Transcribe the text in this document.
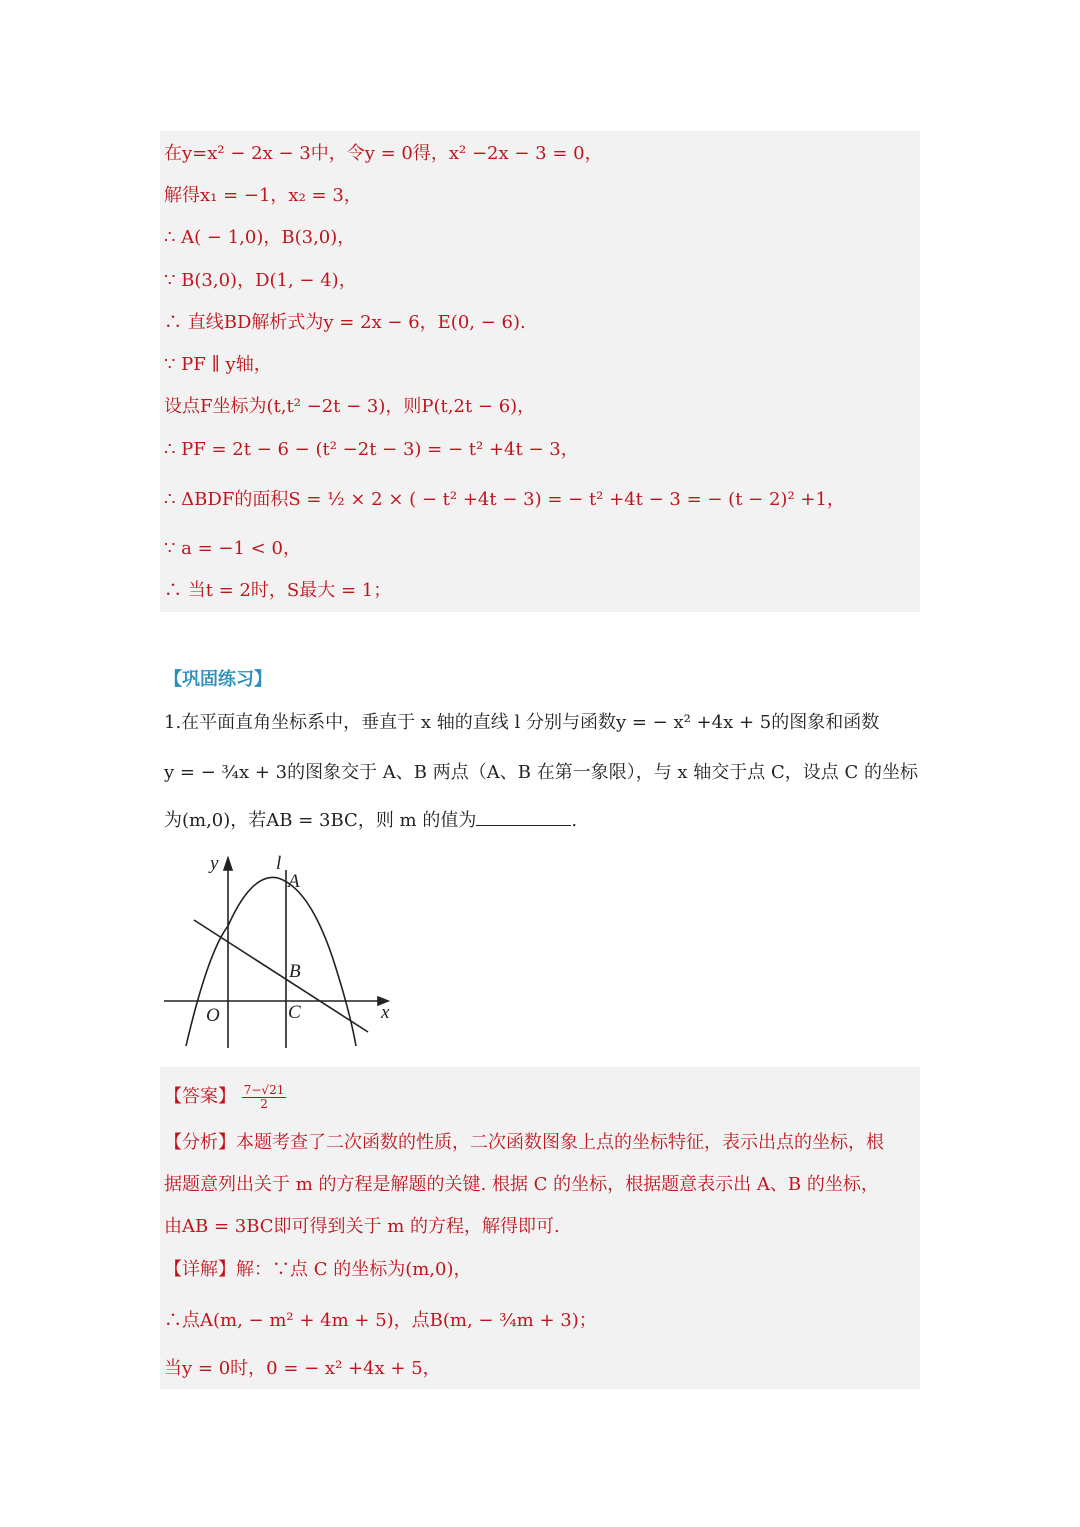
在y=x² − 2x − 3中，令y = 0得，x² −2x − 3 = 0，
解得x₁ = −1，x₂ = 3，
∴ A( − 1,0)，B(3,0)，
∵ B(3,0)，D(1, − 4)，
∴ 直线BD解析式为y = 2x − 6，E(0, − 6).
∵ PF ∥ y轴，
设点F坐标为(t,t² −2t − 3)，则P(t,2t − 6)，
∴ PF = 2t − 6 − (t² −2t − 3) = − t² +4t − 3，
∴ ΔBDF的面积S = ½ × 2 × ( − t² +4t − 3) = − t² +4t − 3 = − (t − 2)² +1，
∵ a = −1 < 0，
∴ 当t = 2时，S最大 = 1；
【巩固练习】
1.在平面直角坐标系中，垂直于 x 轴的直线 l 分别与函数y = − x² +4x + 5的图象和函数
y = − ¾x + 3的图象交于 A、B 两点（A、B 在第一象限），与 x 轴交于点 C，设点 C 的坐标
为(m,0)，若AB = 3BC，则 m 的值为	.
y	l
A
B
O	C	x
【答案】 $\frac{7-√21}{2}$
【分析】本题考查了二次函数的性质，二次函数图象上点的坐标特征，表示出点的坐标，根
据题意列出关于 m 的方程是解题的关键. 根据 C 的坐标，根据题意表示出 A、B 的坐标，
由AB = 3BC即可得到关于 m 的方程，解得即可.
【详解】解：∵点 C 的坐标为(m,0)，
∴点A(m, − m² + 4m + 5)，点B(m, − ¾m + 3)；
当y = 0时，0 = − x² +4x + 5，
